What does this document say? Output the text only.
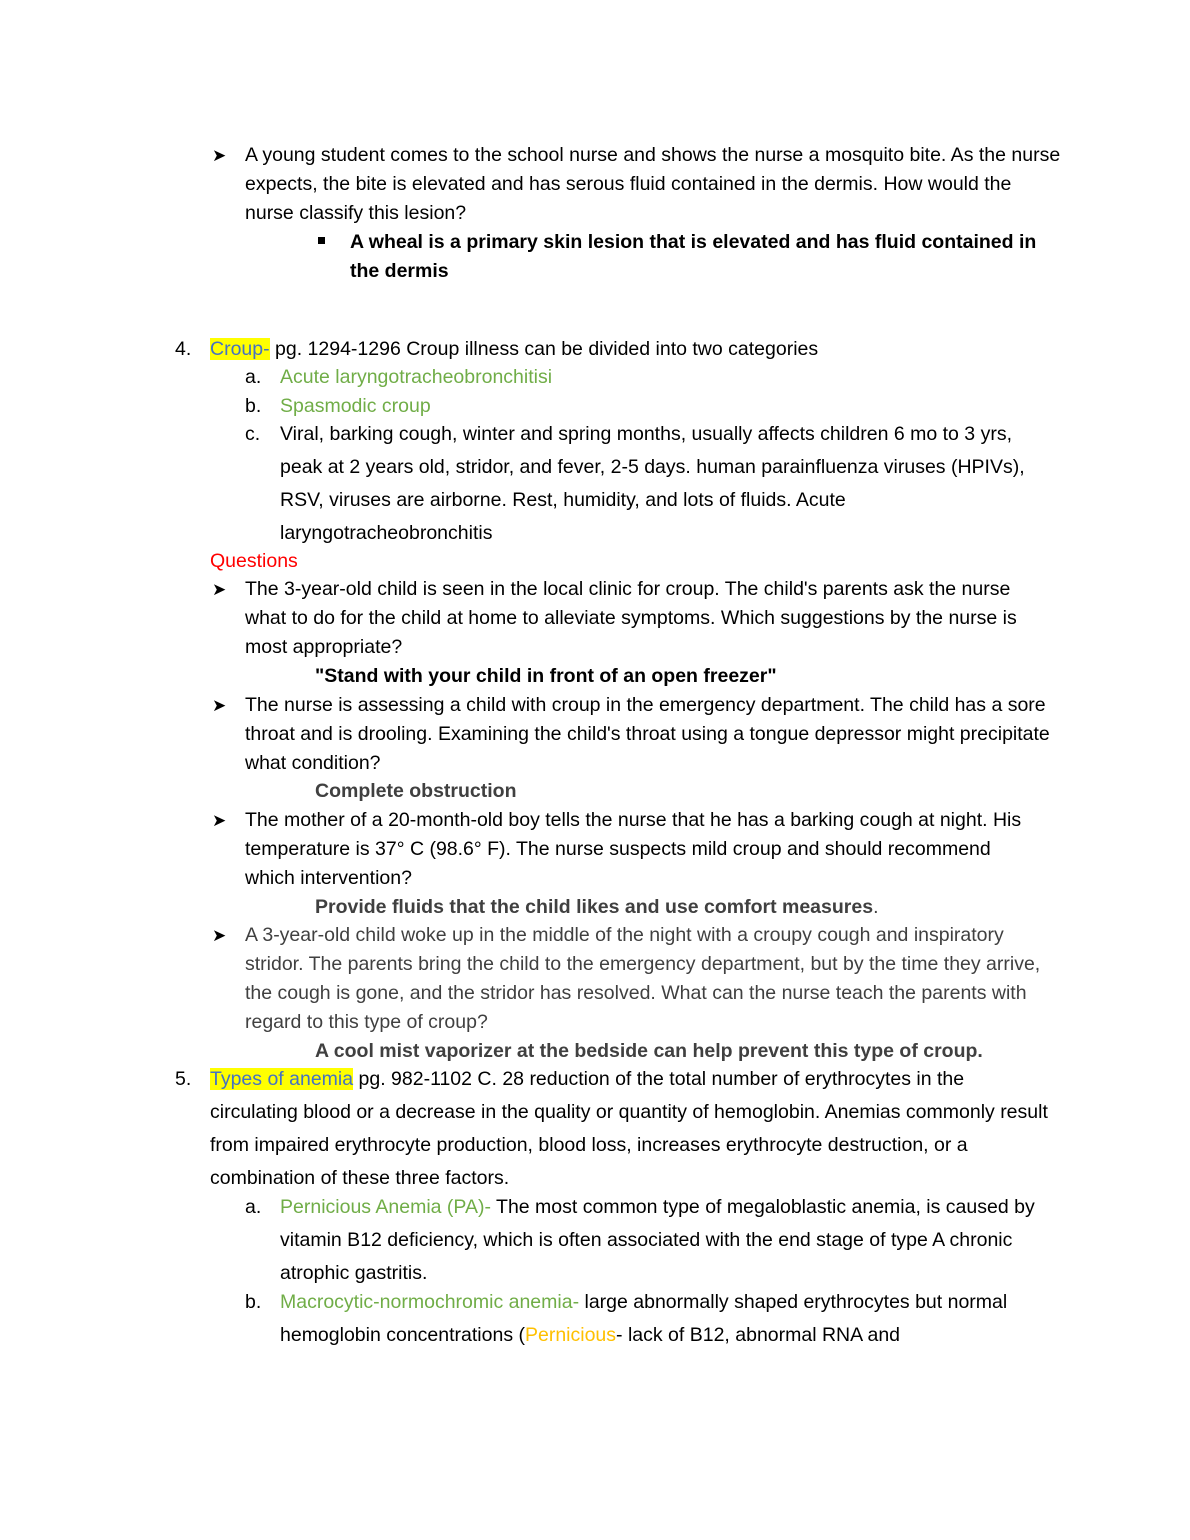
➤ A young student comes to the school nurse and shows the nurse a mosquito bite. As the nurse expects, the bite is elevated and has serous fluid contained in the dermis. How would the nurse classify this lesion?
A wheal is a primary skin lesion that is elevated and has fluid contained in the dermis
4. Croup- pg. 1294-1296 Croup illness can be divided into two categories
a. Acute laryngotracheobronchitisi
b. Spasmodic croup
c. Viral, barking cough, winter and spring months, usually affects children 6 mo to 3 yrs, peak at 2 years old, stridor, and fever, 2-5 days. human parainfluenza viruses (HPIVs), RSV, viruses are airborne. Rest, humidity, and lots of fluids. Acute laryngotracheobronchitis
Questions
➤ The 3-year-old child is seen in the local clinic for croup. The child's parents ask the nurse what to do for the child at home to alleviate symptoms. Which suggestions by the nurse is most appropriate?
"Stand with your child in front of an open freezer"
➤ The nurse is assessing a child with croup in the emergency department. The child has a sore throat and is drooling. Examining the child's throat using a tongue depressor might precipitate what condition?
Complete obstruction
➤ The mother of a 20-month-old boy tells the nurse that he has a barking cough at night. His temperature is 37° C (98.6° F). The nurse suspects mild croup and should recommend which intervention?
Provide fluids that the child likes and use comfort measures.
➤ A 3-year-old child woke up in the middle of the night with a croupy cough and inspiratory stridor. The parents bring the child to the emergency department, but by the time they arrive, the cough is gone, and the stridor has resolved. What can the nurse teach the parents with regard to this type of croup?
A cool mist vaporizer at the bedside can help prevent this type of croup.
5. Types of anemia pg. 982-1102 C. 28 reduction of the total number of erythrocytes in the circulating blood or a decrease in the quality or quantity of hemoglobin. Anemias commonly result from impaired erythrocyte production, blood loss, increases erythrocyte destruction, or a combination of these three factors.
a. Pernicious Anemia (PA)- The most common type of megaloblastic anemia, is caused by vitamin B12 deficiency, which is often associated with the end stage of type A chronic atrophic gastritis.
b. Macrocytic-normochromic anemia- large abnormally shaped erythrocytes but normal hemoglobin concentrations (Pernicious- lack of B12, abnormal RNA and
